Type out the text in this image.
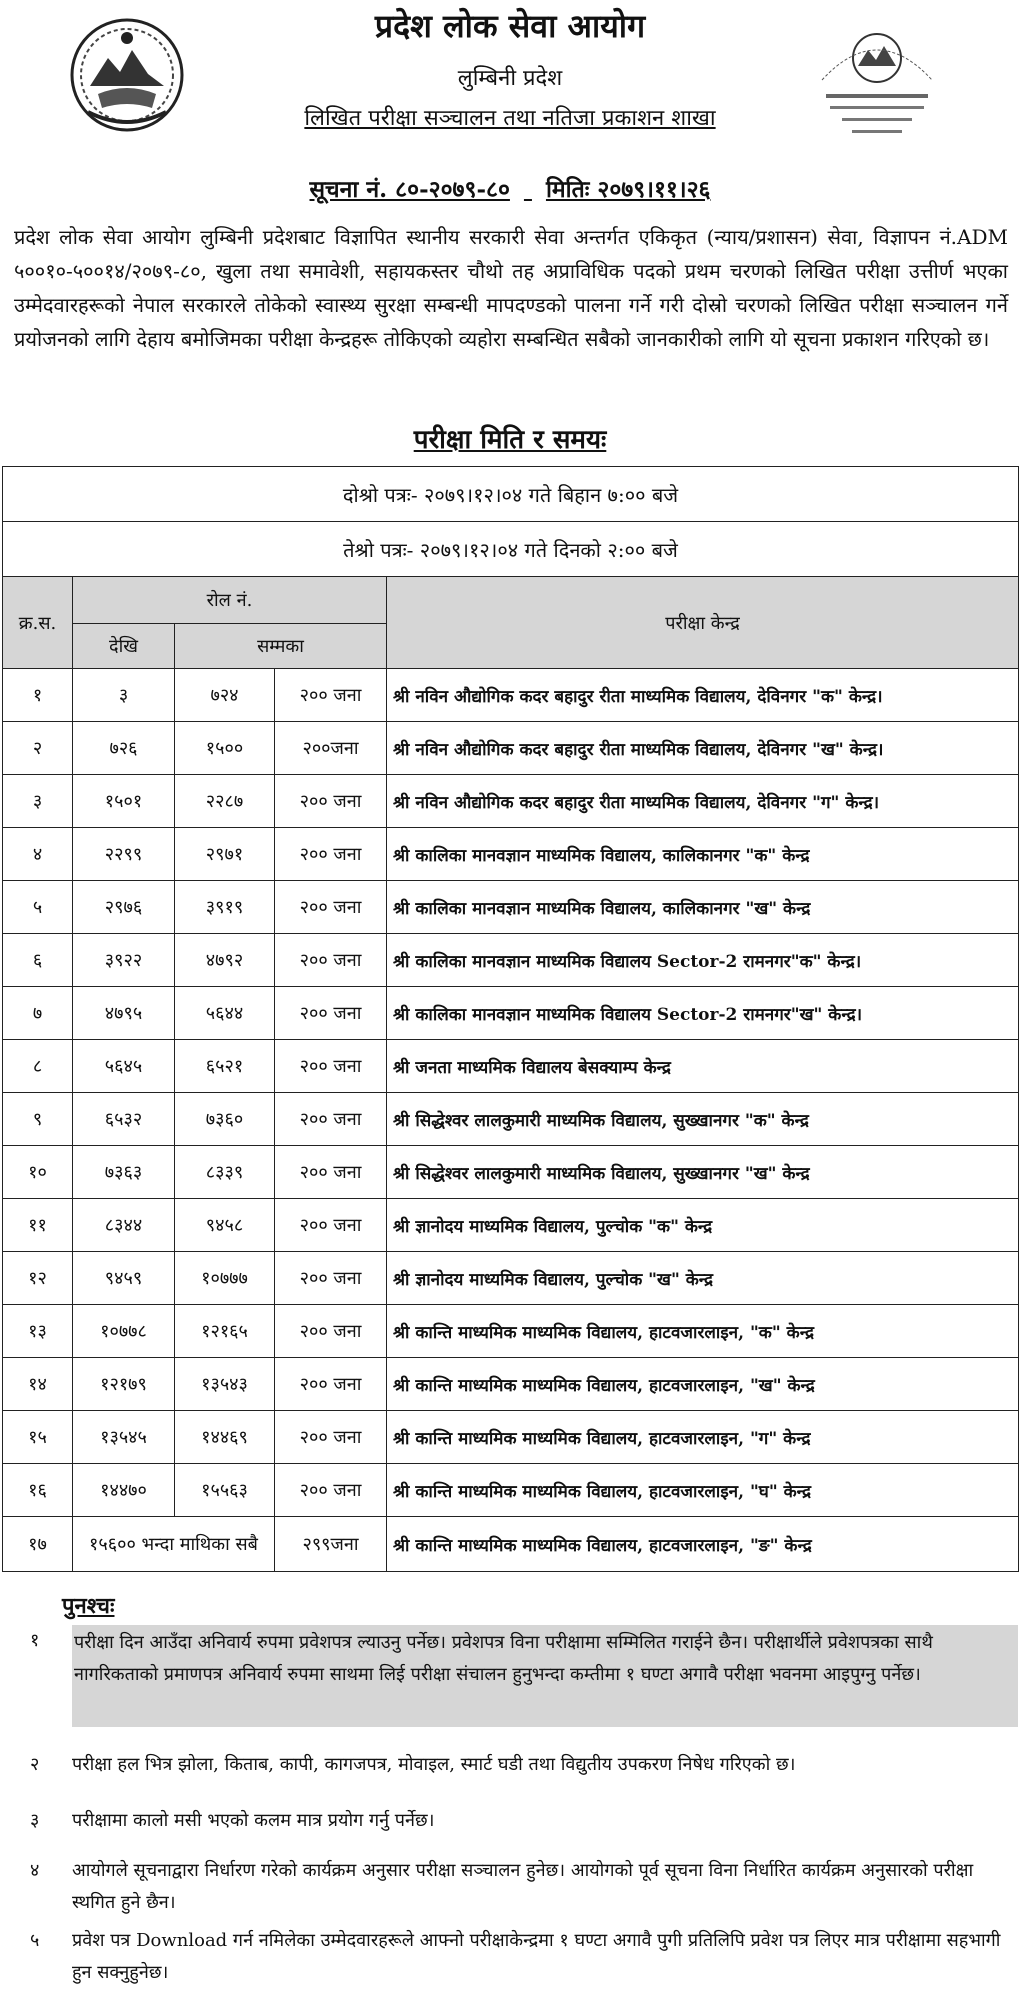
प्रदेश लोक सेवा आयोग
लुम्बिनी प्रदेश
लिखित परीक्षा सञ्चालन तथा नतिजा प्रकाशन शाखा
सूचना नं. ८०-२०७९-८० मितिः २०७९।११।२६
प्रदेश लोक सेवा आयोग लुम्बिनी प्रदेशबाट विज्ञापित स्थानीय सरकारी सेवा अन्तर्गत एकिकृत (न्याय/प्रशासन) सेवा, विज्ञापन नं.ADM ५००१०-५००१४/२०७९-८०, खुला तथा समावेशी, सहायकस्तर चौथो तह अप्राविधिक पदको प्रथम चरणको लिखित परीक्षा उत्तीर्ण भएका उम्मेदवारहरूको नेपाल सरकारले तोकेको स्वास्थ्य सुरक्षा सम्बन्धी मापदण्डको पालना गर्ने गरी दोस्रो चरणको लिखित परीक्षा सञ्चालन गर्ने प्रयोजनको लागि देहाय बमोजिमका परीक्षा केन्द्रहरू तोकिएको व्यहोरा सम्बन्धित सबैको जानकारीको लागि यो सूचना प्रकाशन गरिएको छ।
परीक्षा मिति र समयः
दोश्रो पत्रः- २०७९।१२।०४ गते बिहान ७:०० बजे				
तेश्रो पत्रः- २०७९।१२।०४ गते दिनको २:०० बजे				
क्र.स.	रोल नं.			परीक्षा केन्द्र
	देखि	सम्मका		
१	३	७२४	२०० जना	श्री नविन औद्योगिक कदर बहादुर रीता माध्यमिक विद्यालय, देविनगर "क" केन्द्र।
२	७२६	१५००	२००जना	श्री नविन औद्योगिक कदर बहादुर रीता माध्यमिक विद्यालय, देविनगर "ख" केन्द्र।
३	१५०१	२२८७	२०० जना	श्री नविन औद्योगिक कदर बहादुर रीता माध्यमिक विद्यालय, देविनगर "ग" केन्द्र।
४	२२९९	२९७१	२०० जना	श्री कालिका मानवज्ञान माध्यमिक विद्यालय, कालिकानगर "क" केन्द्र
५	२९७६	३९१९	२०० जना	श्री कालिका मानवज्ञान माध्यमिक विद्यालय, कालिकानगर "ख" केन्द्र
६	३९२२	४७९२	२०० जना	श्री कालिका मानवज्ञान माध्यमिक विद्यालय Sector-2 रामनगर"क" केन्द्र।
७	४७९५	५६४४	२०० जना	श्री कालिका मानवज्ञान माध्यमिक विद्यालय Sector-2 रामनगर"ख" केन्द्र।
८	५६४५	६५२१	२०० जना	श्री जनता माध्यमिक विद्यालय बेसक्याम्प केन्द्र
९	६५३२	७३६०	२०० जना	श्री सिद्धेश्वर लालकुमारी माध्यमिक विद्यालय, सुख्खानगर "क" केन्द्र
१०	७३६३	८३३९	२०० जना	श्री सिद्धेश्वर लालकुमारी माध्यमिक विद्यालय, सुख्खानगर "ख" केन्द्र
११	८३४४	९४५८	२०० जना	श्री ज्ञानोदय माध्यमिक विद्यालय, पुल्चोक "क" केन्द्र
१२	९४५९	१०७७७	२०० जना	श्री ज्ञानोदय माध्यमिक विद्यालय, पुल्चोक "ख" केन्द्र
१३	१०७७८	१२१६५	२०० जना	श्री कान्ति माध्यमिक माध्यमिक विद्यालय, हाटवजारलाइन, "क" केन्द्र
१४	१२१७९	१३५४३	२०० जना	श्री कान्ति माध्यमिक माध्यमिक विद्यालय, हाटवजारलाइन, "ख" केन्द्र
१५	१३५४५	१४४६९	२०० जना	श्री कान्ति माध्यमिक माध्यमिक विद्यालय, हाटवजारलाइन, "ग" केन्द्र
१६	१४४७०	१५५६३	२०० जना	श्री कान्ति माध्यमिक माध्यमिक विद्यालय, हाटवजारलाइन, "घ" केन्द्र
१७	१५६०० भन्दा माथिका सबै		२९९जना	श्री कान्ति माध्यमिक माध्यमिक विद्यालय, हाटवजारलाइन, "ङ" केन्द्र
पुनश्चः
१ परीक्षा दिन आउँदा अनिवार्य रुपमा प्रवेशपत्र ल्याउनु पर्नेछ। प्रवेशपत्र विना परीक्षामा सम्मिलित गराईने छैन। परीक्षार्थीले प्रवेशपत्रका साथै नागरिकताको प्रमाणपत्र अनिवार्य रुपमा साथमा लिई परीक्षा संचालन हुनुभन्दा कम्तीमा १ घण्टा अगावै परीक्षा भवनमा आइपुग्नु पर्नेछ।
२ परीक्षा हल भित्र झोला, किताब, कापी, कागजपत्र, मोवाइल, स्मार्ट घडी तथा विद्युतीय उपकरण निषेध गरिएको छ।
३ परीक्षामा कालो मसी भएको कलम मात्र प्रयोग गर्नु पर्नेछ।
४ आयोगले सूचनाद्वारा निर्धारण गरेको कार्यक्रम अनुसार परीक्षा सञ्चालन हुनेछ। आयोगको पूर्व सूचना विना निर्धारित कार्यक्रम अनुसारको परीक्षा स्थगित हुने छैन।
५ प्रवेश पत्र Download गर्न नमिलेका उम्मेदवारहरूले आफ्नो परीक्षाकेन्द्रमा १ घण्टा अगावै पुगी प्रतिलिपि प्रवेश पत्र लिएर मात्र परीक्षामा सहभागी हुन सक्नुहुनेछ।
